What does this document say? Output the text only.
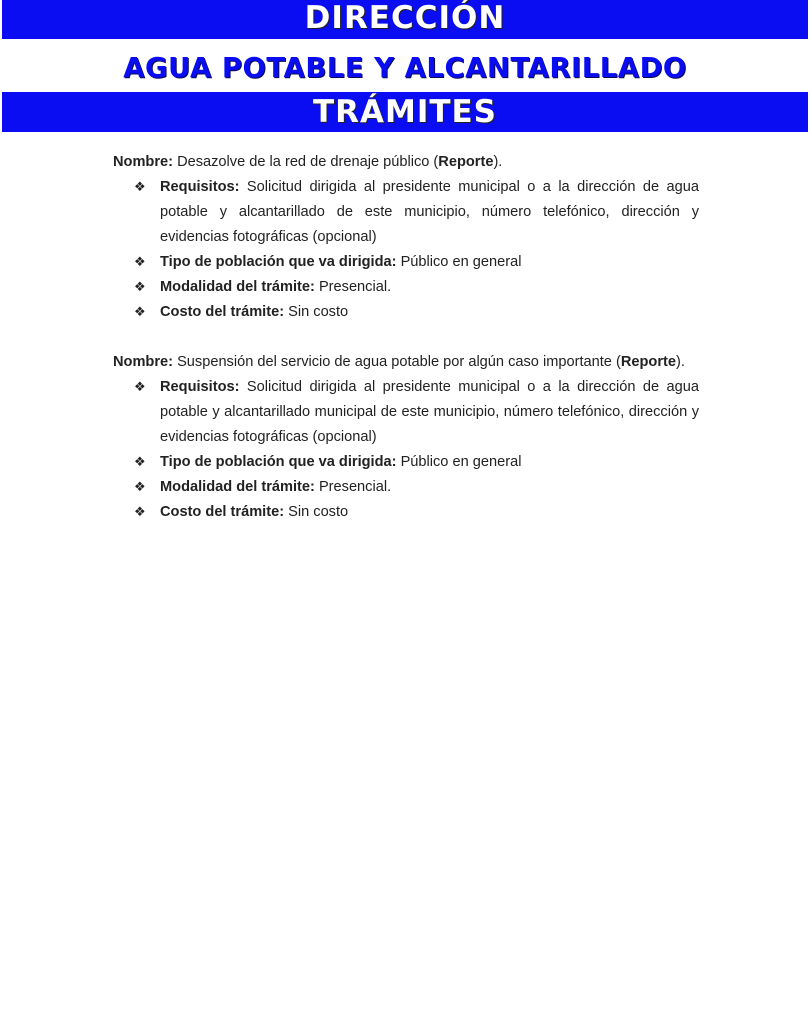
DIRECCIÓN
AGUA POTABLE Y ALCANTARILLADO
TRÁMITES

Nombre: Desazolve de la red de drenaje público (Reporte).

❖ Requisitos: Solicitud dirigida al presidente municipal o a la dirección de agua potable y alcantarillado de este municipio, número telefónico, dirección y evidencias fotográficas (opcional)
❖ Tipo de población que va dirigida: Público en general
❖ Modalidad del trámite: Presencial.
❖ Costo del trámite: Sin costo

Nombre: Suspensión del servicio de agua potable por algún caso importante (Reporte).

❖ Requisitos: Solicitud dirigida al presidente municipal o a la dirección de agua potable y alcantarillado municipal de este municipio, número telefónico, dirección y evidencias fotográficas (opcional)
❖ Tipo de población que va dirigida: Público en general
❖ Modalidad del trámite: Presencial.
❖ Costo del trámite: Sin costo
